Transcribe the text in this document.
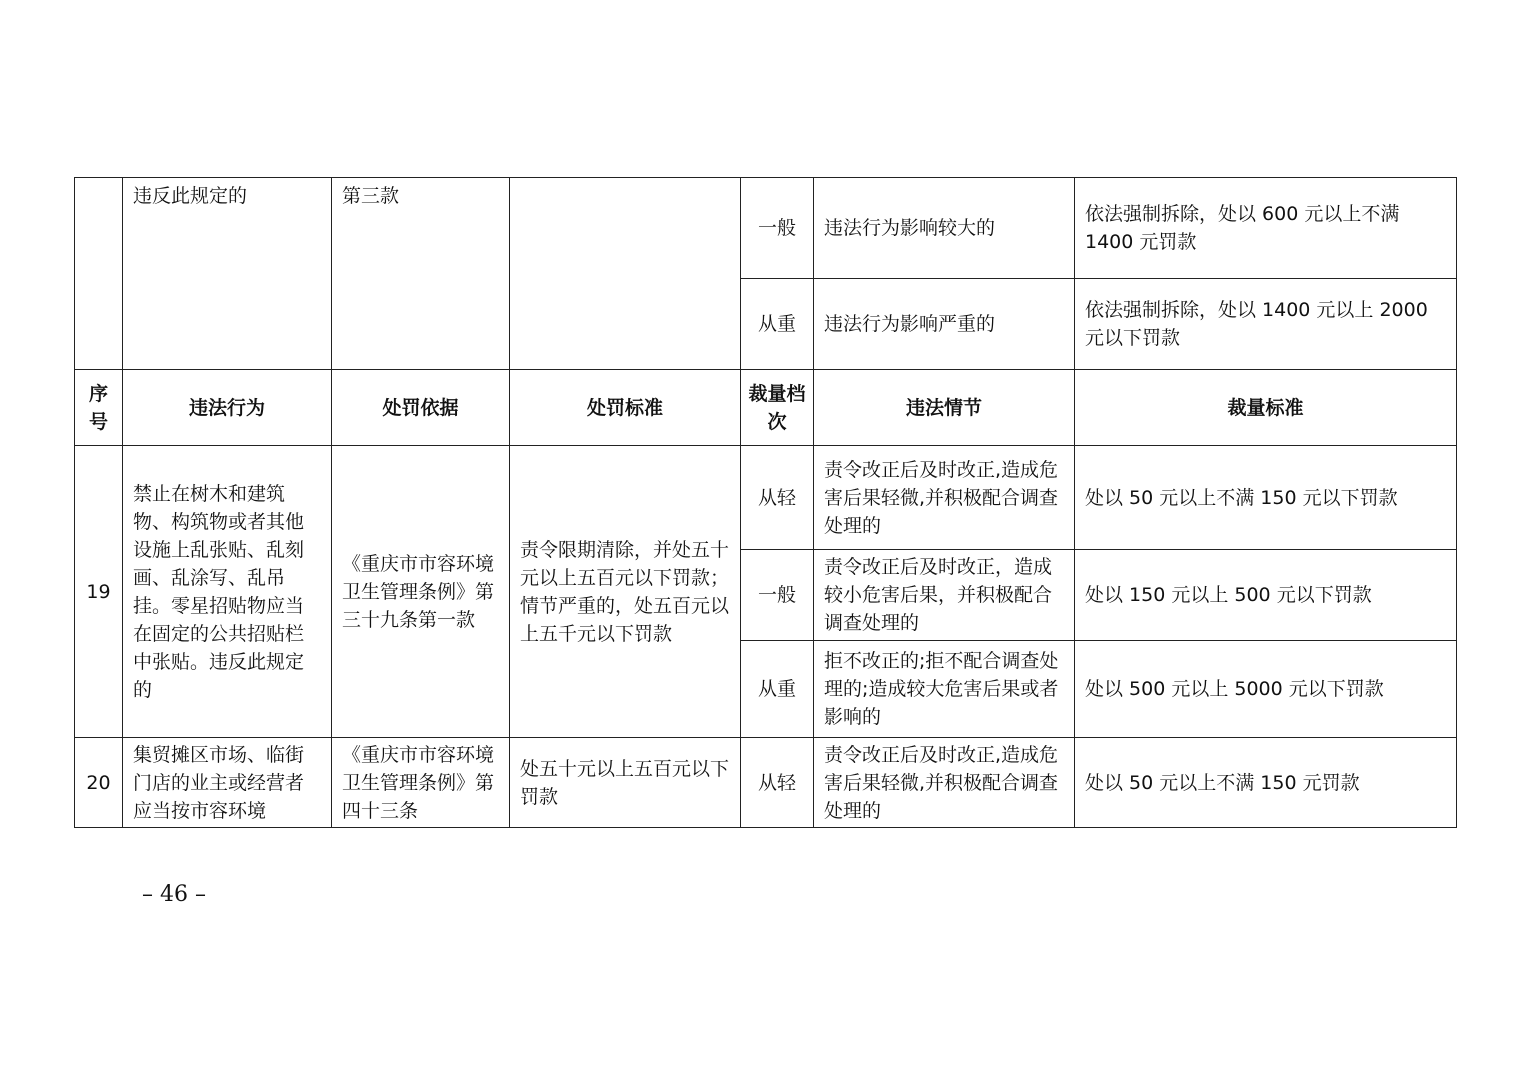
	违反此规定的	第三款		一般	违法行为影响较大的	依法强制拆除，处以 600 元以上不满 1400 元罚款
				从重	违法行为影响严重的	依法强制拆除，处以 1400 元以上 2000 元以下罚款
序号	违法行为	处罚依据	处罚标准	裁量档次	违法情节	裁量标准
19	禁止在树木和建筑物、构筑物或者其他设施上乱张贴、乱刻画、乱涂写、乱吊挂。零星招贴物应当在固定的公共招贴栏中张贴。违反此规定的	《重庆市市容环境卫生管理条例》第三十九条第一款	责令限期清除，并处五十元以上五百元以下罚款；情节严重的，处五百元以上五千元以下罚款	从轻	责令改正后及时改正,造成危害后果轻微,并积极配合调查处理的	处以 50 元以上不满 150 元以下罚款
				一般	责令改正后及时改正，造成较小危害后果，并积极配合调查处理的	处以 150 元以上 500 元以下罚款
				从重	拒不改正的;拒不配合调查处理的;造成较大危害后果或者影响的	处以 500 元以上 5000 元以下罚款
20	集贸摊区市场、临街门店的业主或经营者应当按市容环境	《重庆市市容环境卫生管理条例》第四十三条	处五十元以上五百元以下罚款	从轻	责令改正后及时改正,造成危害后果轻微,并积极配合调查处理的	处以 50 元以上不满 150 元罚款
– 46 –
